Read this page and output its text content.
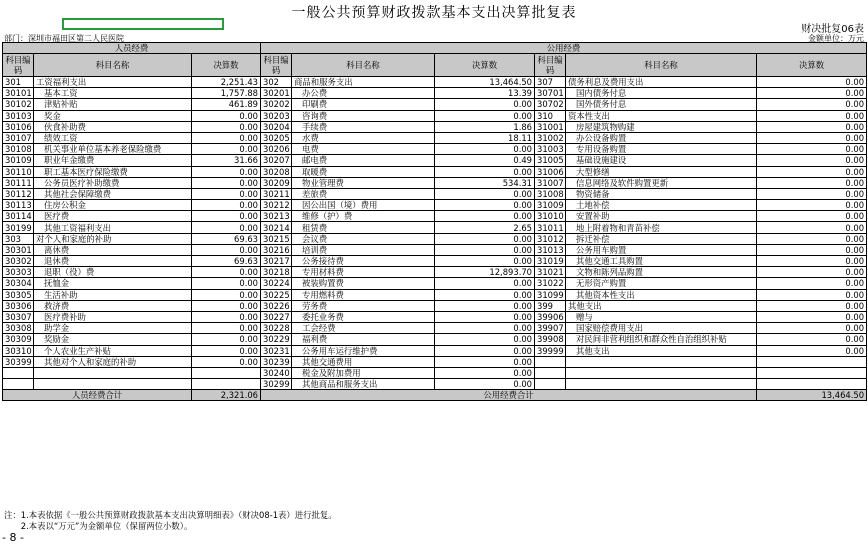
一般公共预算财政拨款基本支出决算批复表
财决批复06表
部门：深圳市福田区第二人民医院	金额单位：万元
人员经费			公用经费					
科目编码	科目名称	决算数	科目编码	科目名称	决算数	科目编码	科目名称	决算数
301	工资福利支出	2,251.43	302	商品和服务支出	13,464.50	307	债务利息及费用支出	0.00
30101	基本工资	1,757.88	30201	办公费	13.39	30701	国内债务付息	0.00
30102	津贴补贴	461.89	30202	印刷费	0.00	30702	国外债务付息	0.00
30103	奖金	0.00	30203	咨询费	0.00	310	资本性支出	0.00
30106	伙食补助费	0.00	30204	手续费	1.86	31001	房屋建筑物购建	0.00
30107	绩效工资	0.00	30205	水费	18.11	31002	办公设备购置	0.00
30108	机关事业单位基本养老保险缴费	0.00	30206	电费	0.00	31003	专用设备购置	0.00
30109	职业年金缴费	31.66	30207	邮电费	0.49	31005	基础设施建设	0.00
30110	职工基本医疗保险缴费	0.00	30208	取暖费	0.00	31006	大型修缮	0.00
30111	公务员医疗补助缴费	0.00	30209	物业管理费	534.31	31007	信息网络及软件购置更新	0.00
30112	其他社会保障缴费	0.00	30211	差旅费	0.00	31008	物资储备	0.00
30113	住房公积金	0.00	30212	因公出国（境）费用	0.00	31009	土地补偿	0.00
30114	医疗费	0.00	30213	维修（护）费	0.00	31010	安置补助	0.00
30199	其他工资福利支出	0.00	30214	租赁费	2.65	31011	地上附着物和青苗补偿	0.00
303	对个人和家庭的补助	69.63	30215	会议费	0.00	31012	拆迁补偿	0.00
30301	离休费	0.00	30216	培训费	0.00	31013	公务用车购置	0.00
30302	退休费	69.63	30217	公务接待费	0.00	31019	其他交通工具购置	0.00
30303	退职（役）费	0.00	30218	专用材料费	12,893.70	31021	文物和陈列品购置	0.00
30304	抚恤金	0.00	30224	被装购置费	0.00	31022	无形资产购置	0.00
30305	生活补助	0.00	30225	专用燃料费	0.00	31099	其他资本性支出	0.00
30306	救济费	0.00	30226	劳务费	0.00	399	其他支出	0.00
30307	医疗费补助	0.00	30227	委托业务费	0.00	39906	赠与	0.00
30308	助学金	0.00	30228	工会经费	0.00	39907	国家赔偿费用支出	0.00
30309	奖励金	0.00	30229	福利费	0.00	39908	对民间非营利组织和群众性自治组织补贴	0.00
30310	个人农业生产补贴	0.00	30231	公务用车运行维护费	0.00	39999	其他支出	0.00
30399	其他对个人和家庭的补助	0.00	30239	其他交通费用	0.00			
			30240	税金及附加费用	0.00			
			30299	其他商品和服务支出	0.00			
人员经费合计		2,321.06	公用经费合计					13,464.50
注：1.本表依据《一般公共预算财政拨款基本支出决算明细表》（财决08-1表）进行批复。
　　2.本表以“万元”为金额单位（保留两位小数）。
- 8 -
